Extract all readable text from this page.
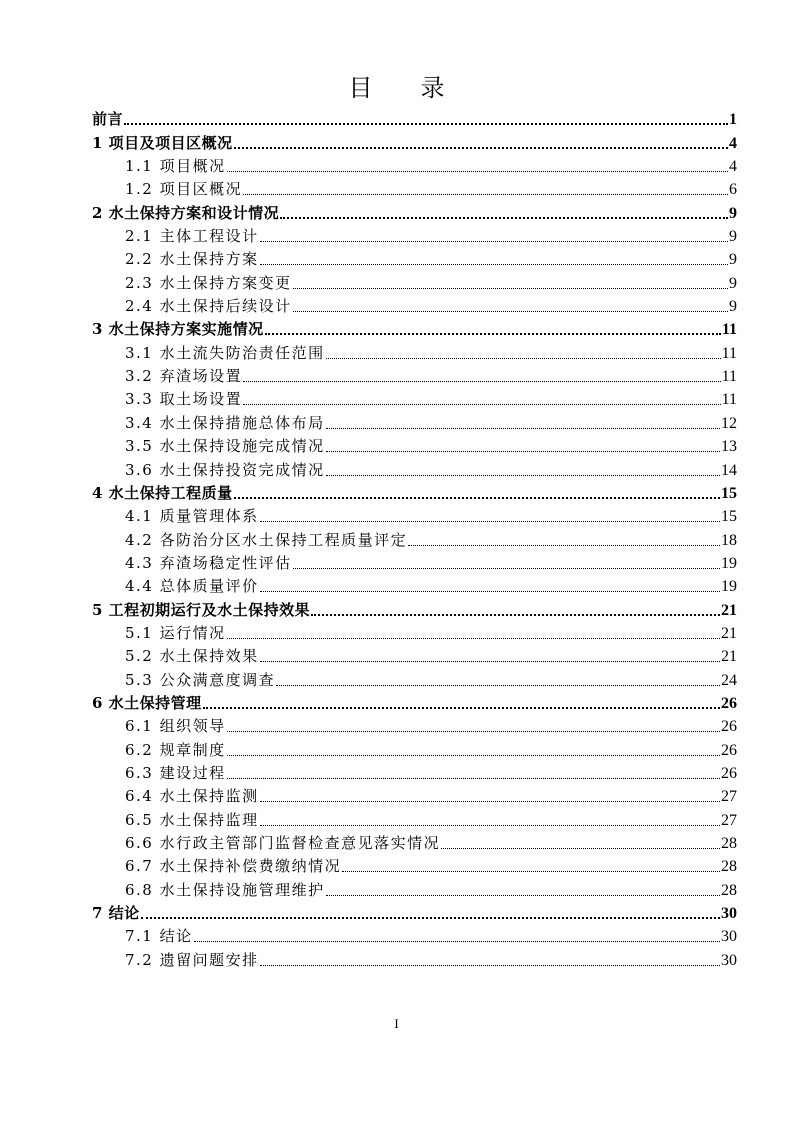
目　　录
前言	1
1 项目及项目区概况	4
1.1 项目概况	4
1.2 项目区概况	6
2 水土保持方案和设计情况	9
2.1 主体工程设计	9
2.2 水土保持方案	9
2.3 水土保持方案变更	9
2.4 水土保持后续设计	9
3 水土保持方案实施情况	11
3.1 水土流失防治责任范围	11
3.2 弃渣场设置	11
3.3 取土场设置	11
3.4 水土保持措施总体布局	12
3.5 水土保持设施完成情况	13
3.6 水土保持投资完成情况	14
4 水土保持工程质量	15
4.1 质量管理体系	15
4.2 各防治分区水土保持工程质量评定	18
4.3 弃渣场稳定性评估	19
4.4 总体质量评价	19
5 工程初期运行及水土保持效果	21
5.1 运行情况	21
5.2 水土保持效果	21
5.3 公众满意度调查	24
6 水土保持管理	26
6.1 组织领导	26
6.2 规章制度	26
6.3 建设过程	26
6.4 水土保持监测	27
6.5 水土保持监理	27
6.6 水行政主管部门监督检查意见落实情况	28
6.7 水土保持补偿费缴纳情况	28
6.8 水土保持设施管理维护	28
7 结论	30
7.1 结论	30
7.2 遗留问题安排	30
I
